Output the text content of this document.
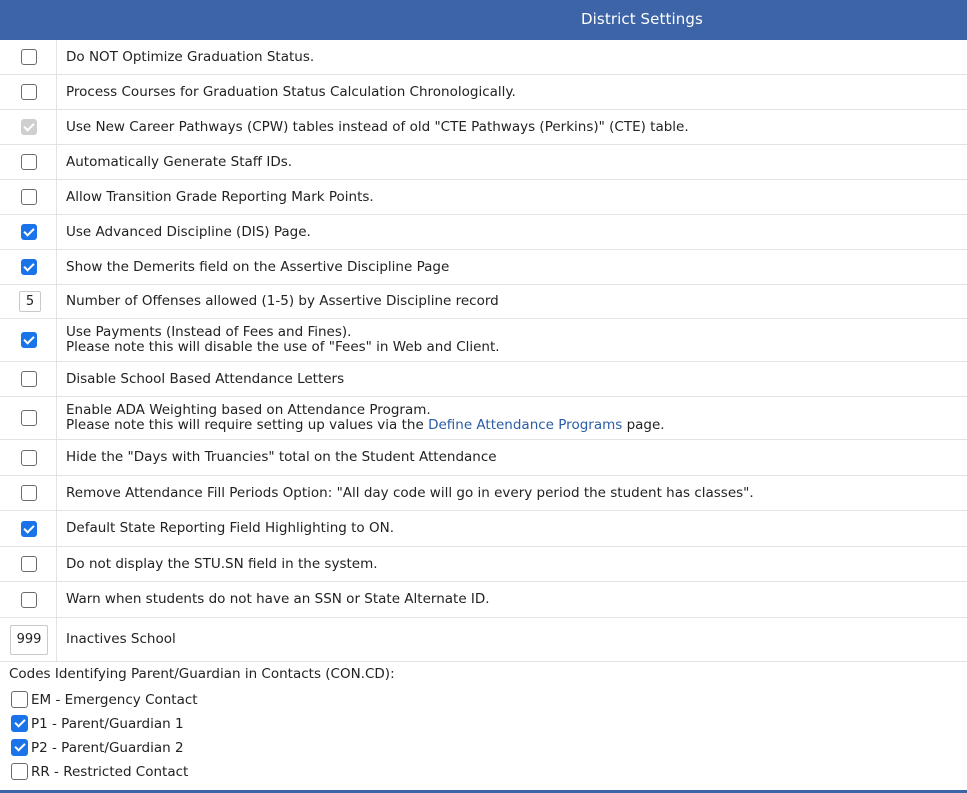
District Settings
Do NOT Optimize Graduation Status.
Process Courses for Graduation Status Calculation Chronologically.
Use New Career Pathways (CPW) tables instead of old "CTE Pathways (Perkins)" (CTE) table.
Automatically Generate Staff IDs.
Allow Transition Grade Reporting Mark Points.
Use Advanced Discipline (DIS) Page.
Show the Demerits field on the Assertive Discipline Page
5	Number of Offenses allowed (1-5) by Assertive Discipline record
Use Payments (Instead of Fees and Fines).
Please note this will disable the use of "Fees" in Web and Client.
Disable School Based Attendance Letters
Enable ADA Weighting based on Attendance Program.
Please note this will require setting up values via the Define Attendance Programs page.
Hide the "Days with Truancies" total on the Student Attendance
Remove Attendance Fill Periods Option: "All day code will go in every period the student has classes".
Default State Reporting Field Highlighting to ON.
Do not display the STU.SN field in the system.
Warn when students do not have an SSN or State Alternate ID.
999	Inactives School
Codes Identifying Parent/Guardian in Contacts (CON.CD):
EM - Emergency Contact
P1 - Parent/Guardian 1
P2 - Parent/Guardian 2
RR - Restricted Contact
